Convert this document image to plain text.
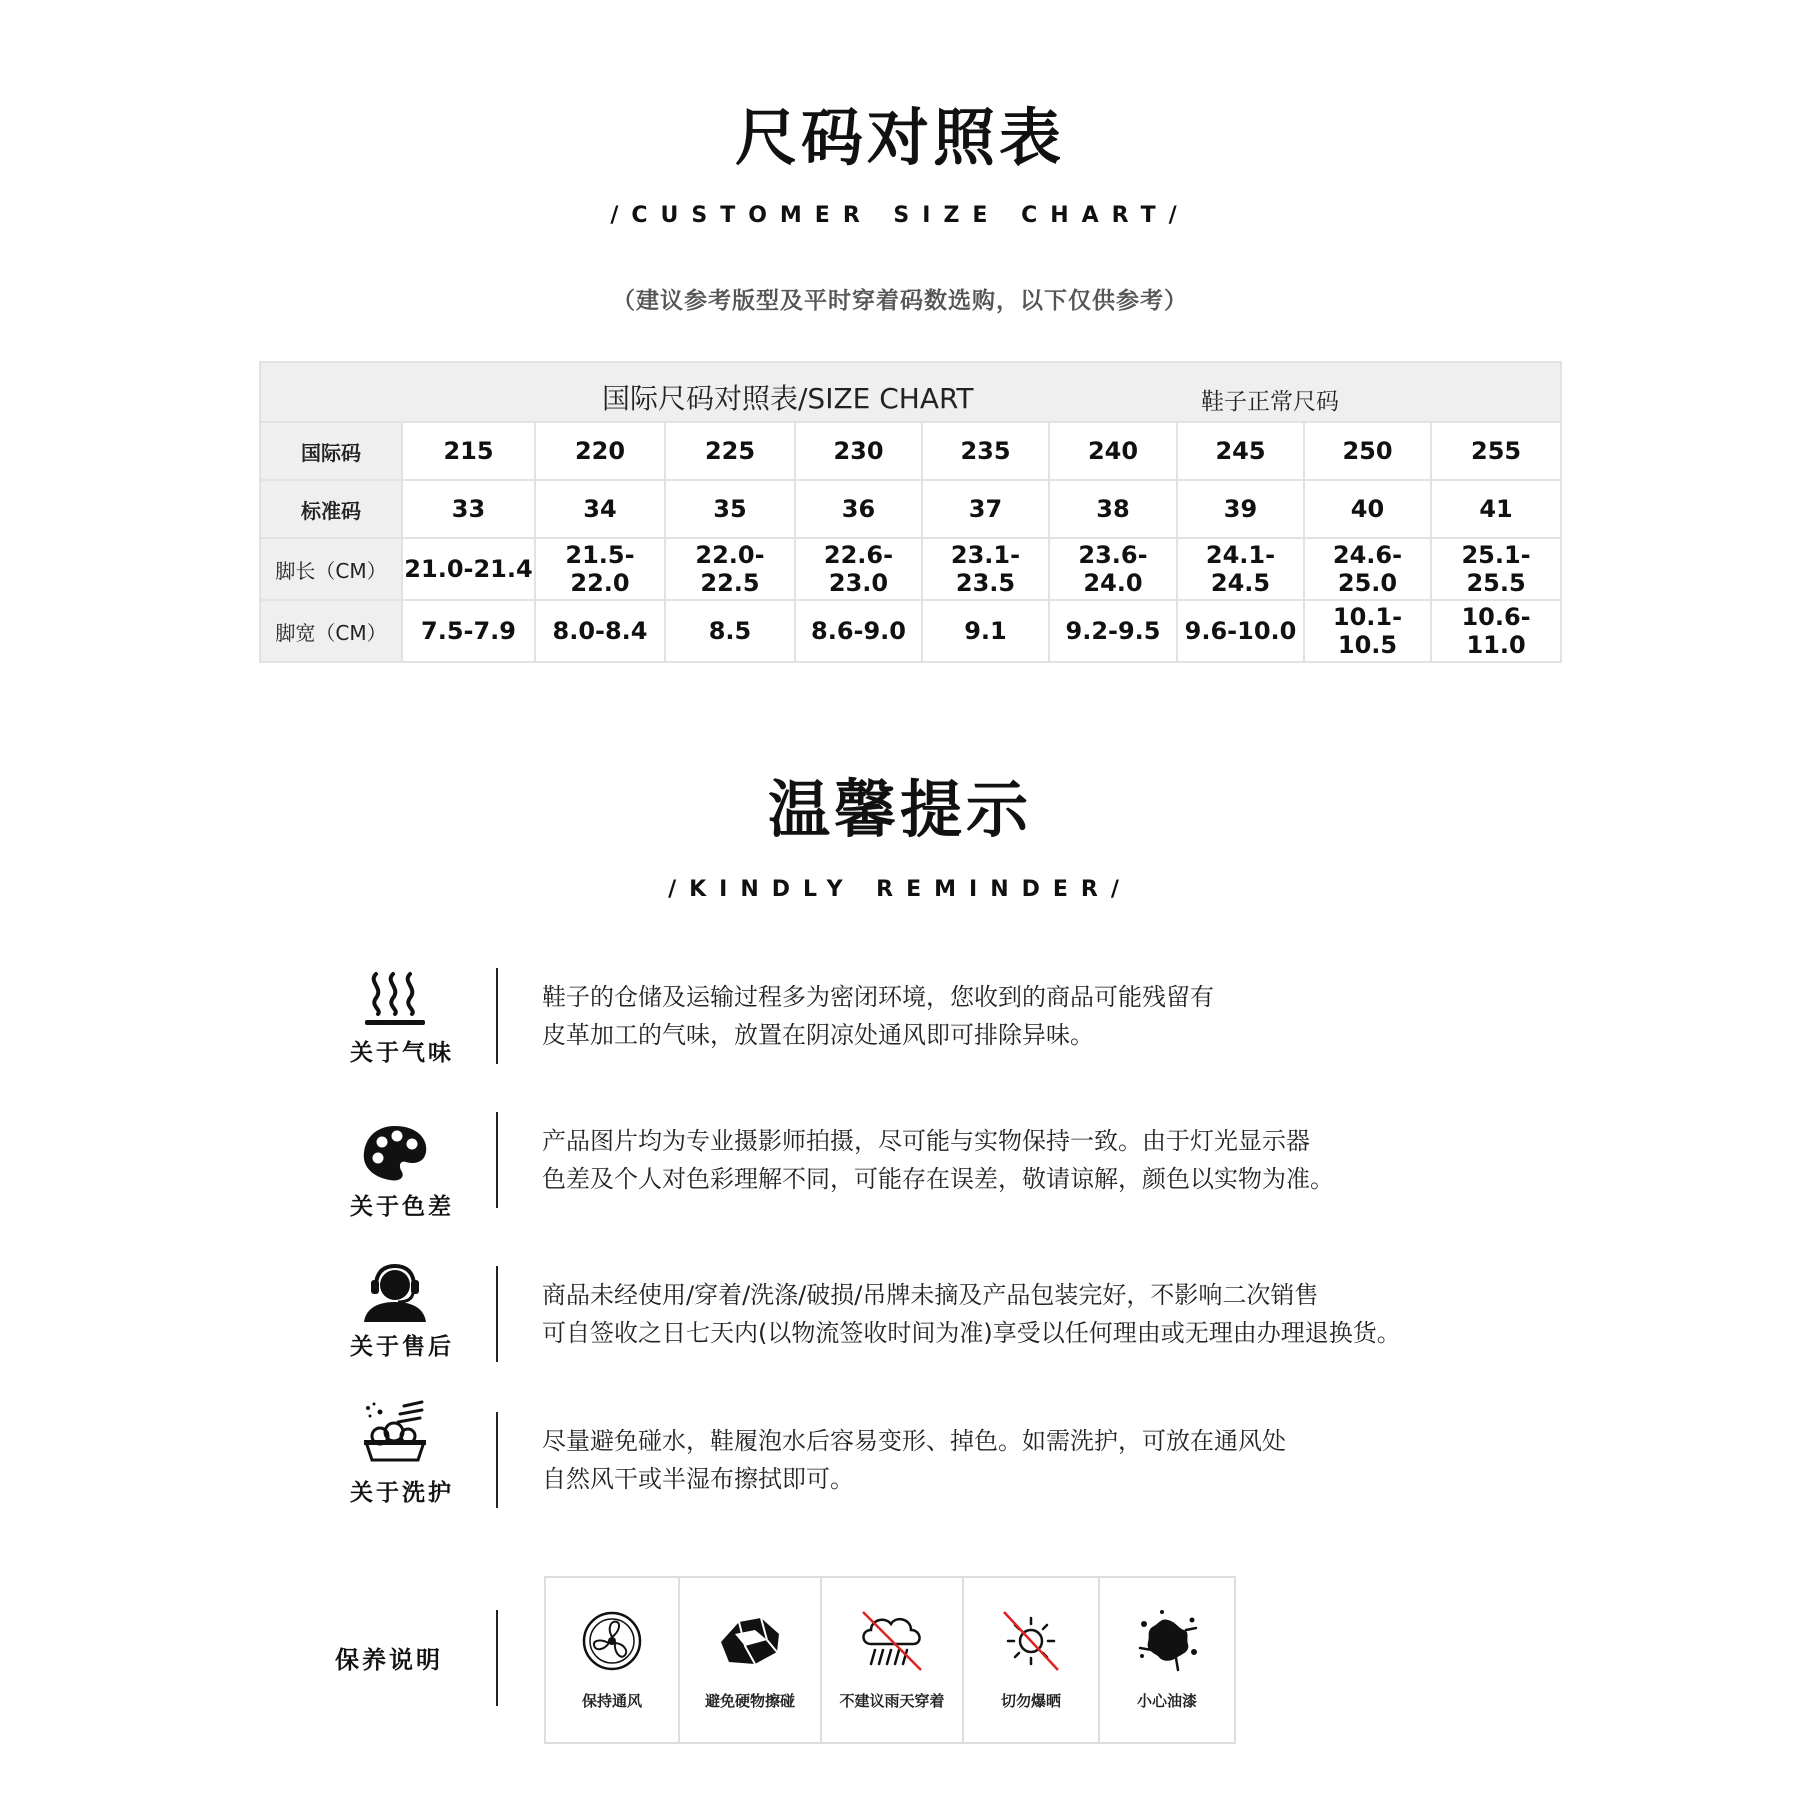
尺码对照表
/CUSTOMER SIZE CHART/
（建议参考版型及平时穿着码数选购，以下仅供参考）
国际尺码对照表/SIZE CHART 鞋子正常尺码									

国际码	215	220	225	230	235	240	245	250	255
标准码	33	34	35	36	37	38	39	40	41
脚长（CM）	21.0-21.4	21.5-22.0	22.0-22.5	22.6-23.0	23.1-23.5	23.6-24.0	24.1-24.5	24.6-25.0	25.1-25.5
脚宽（CM）	7.5-7.9	8.0-8.4	8.5	8.6-9.0	9.1	9.2-9.5	9.6-10.0	10.1-10.5	10.6-11.0
温馨提示
/KINDLY REMINDER/
关于气味
鞋子的仓储及运输过程多为密闭环境，您收到的商品可能残留有
皮革加工的气味，放置在阴凉处通风即可排除异味。
关于色差
产品图片均为专业摄影师拍摄，尽可能与实物保持一致。由于灯光显示器
色差及个人对色彩理解不同，可能存在误差，敬请谅解，颜色以实物为准。
关于售后
商品未经使用/穿着/洗涤/破损/吊牌未摘及产品包装完好，不影响二次销售
可自签收之日七天内(以物流签收时间为准)享受以任何理由或无理由办理退换货。
关于洗护
尽量避免碰水，鞋履泡水后容易变形、掉色。如需洗护，可放在通风处
自然风干或半湿布擦拭即可。
保养说明
保持通风	避免硬物擦碰	不建议雨天穿着	切勿爆晒	小心油漆
